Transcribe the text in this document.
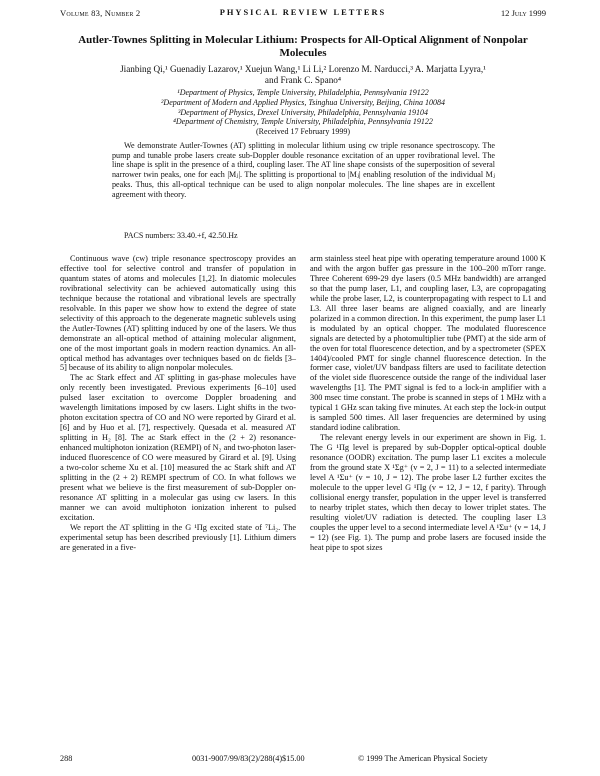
Volume 83, Number 2	PHYSICAL REVIEW LETTERS	12 July 1999
Autler-Townes Splitting in Molecular Lithium: Prospects for All-Optical Alignment of Nonpolar Molecules
Jianbing Qi,¹ Guenadiy Lazarov,¹ Xuejun Wang,¹ Li Li,² Lorenzo M. Narducci,³ A. Marjatta Lyyra,¹
and Frank C. Spano⁴
¹Department of Physics, Temple University, Philadelphia, Pennsylvania 19122
²Department of Modern and Applied Physics, Tsinghua University, Beijing, China 10084
³Department of Physics, Drexel University, Philadelphia, Pennsylvania 19104
⁴Department of Chemistry, Temple University, Philadelphia, Pennsylvania 19122
(Received 17 February 1999)
We demonstrate Autler-Townes (AT) splitting in molecular lithium using cw triple resonance spectroscopy. The pump and tunable probe lasers create sub-Doppler double resonance excitation of an upper rovibrational level. The line shape is split in the presence of a third, coupling laser. The AT line shape consists of the superposition of several narrower twin peaks, one for each |Mⱼ|. The splitting is proportional to |Mⱼ| enabling resolution of the individual Mⱼ peaks. Thus, this all-optical technique can be used to align nonpolar molecules. The line shapes are in excellent agreement with theory.
PACS numbers: 33.40.+f, 42.50.Hz

Continuous wave (cw) triple resonance spectroscopy provides an effective tool for selective control and transfer of population in quantum states of atoms and molecules [1,2]. In diatomic molecules rovibrational selectivity can be achieved automatically using this technique because the rotational and vibrational levels are spectrally resolvable. In this paper we show how to extend the degree of state selectivity of this approach to the degenerate magnetic sublevels using the Autler-Townes (AT) splitting induced by one of the lasers. We thus demonstrate an all-optical method of attaining molecular alignment, one of the most important goals in modern reaction dynamics. An all-optical method has advantages over techniques based on dc fields [3–5] because of its ability to align nonpolar molecules.

The ac Stark effect and AT splitting in gas-phase molecules have only recently been investigated. Previous experiments [6–10] used pulsed laser excitation to overcome Doppler broadening and wavelength limitations imposed by cw lasers. Light shifts in the two-photon excitation spectra of CO and NO were reported by Girard et al. [6] and by Huo et al. [7], respectively. Quesada et al. measured AT splitting in H₂ [8]. The ac Stark effect in the (2 + 2) resonance-enhanced multiphoton ionization (REMPI) of N₂ and two-photon laser-induced fluorescence of CO were measured by Girard et al. [9]. Using a two-color scheme Xu et al. [10] measured the ac Stark shift and AT splitting in the (2 + 2) REMPI spectrum of CO. In what follows we present what we believe is the first measurement of sub-Doppler on-resonance AT splitting in a molecular gas using cw lasers. In this manner we can avoid multiphoton ionization inherent to pulsed excitation.

We report the AT splitting in the G ¹Πg excited state of ⁷Li₂. The experimental setup has been described previously [1]. Lithium dimers are generated in a five-

arm stainless steel heat pipe with operating temperature around 1000 K and with the argon buffer gas pressure in the 100–200 mTorr range. Three Coherent 699-29 dye lasers (0.5 MHz bandwidth) are arranged so that the pump laser, L1, and coupling laser, L3, are copropagating while the probe laser, L2, is counterpropagating with respect to L1 and L3. All three laser beams are aligned coaxially, and are linearly polarized in a common direction. In this experiment, the pump laser L1 is modulated by an optical chopper. The modulated fluorescence signals are detected by a photomultiplier tube (PMT) at the side arm of the oven for total fluorescence detection, and by a spectrometer (SPEX 1404)/cooled PMT for single channel fluorescence detection. In the former case, violet/UV bandpass filters are used to facilitate detection of the violet side fluorescence outside the range of the individual laser wavelengths [1]. The PMT signal is fed to a lock-in amplifier with a 300 msec time constant. The probe is scanned in steps of 1 MHz with a typical 1 GHz scan taking five minutes. At each step the lock-in output is sampled 500 times. All laser frequencies are determined by using standard iodine calibration.

The relevant energy levels in our experiment are shown in Fig. 1. The G ¹Πg level is prepared by sub-Doppler optical-optical double resonance (OODR) excitation. The pump laser L1 excites a molecule from the ground state X ¹Σg⁺ (v = 2, J = 11) to a selected intermediate level A ¹Σu⁺ (v = 10, J = 12). The probe laser L2 further excites the molecule to the upper level G ¹Πg (v = 12, J = 12, f parity). Through collisional energy transfer, population in the upper level is transferred to nearby triplet states, which then decay to lower triplet states. The resulting violet/UV radiation is detected. The coupling laser L3 couples the upper level to a second intermediate level A ¹Σu⁺ (v = 14, J = 12) (see Fig. 1). The pump and probe lasers are focused inside the heat pipe to spot sizes

288	0031-9007/99/83(2)/288(4)$15.00	© 1999 The American Physical Society
